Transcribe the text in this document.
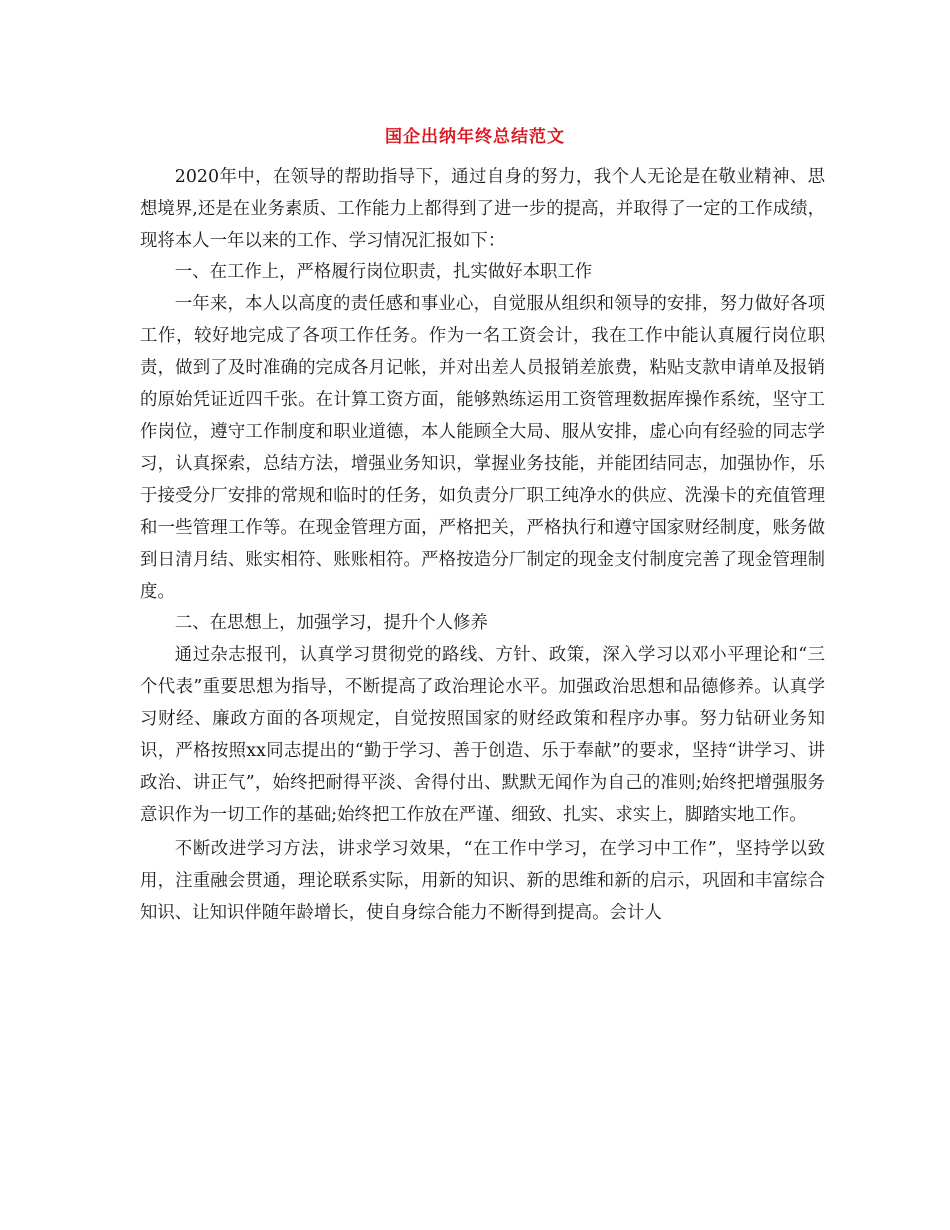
国企出纳年终总结范文

2020年中，在领导的帮助指导下，通过自身的努力，我个人无论是在敬业精神、思想境界,还是在业务素质、工作能力上都得到了进一步的提高，并取得了一定的工作成绩，现将本人一年以来的工作、学习情况汇报如下：

一、在工作上，严格履行岗位职责，扎实做好本职工作

一年来，本人以高度的责任感和事业心，自觉服从组织和领导的安排，努力做好各项工作，较好地完成了各项工作任务。作为一名工资会计，我在工作中能认真履行岗位职责，做到了及时准确的完成各月记帐，并对出差人员报销差旅费，粘贴支款申请单及报销的原始凭证近四千张。在计算工资方面，能够熟练运用工资管理数据库操作系统，坚守工作岗位，遵守工作制度和职业道德，本人能顾全大局、服从安排，虚心向有经验的同志学习，认真探索，总结方法，增强业务知识，掌握业务技能，并能团结同志，加强协作，乐于接受分厂安排的常规和临时的任务，如负责分厂职工纯净水的供应、洗澡卡的充值管理和一些管理工作等。在现金管理方面，严格把关，严格执行和遵守国家财经制度，账务做到日清月结、账实相符、账账相符。严格按造分厂制定的现金支付制度完善了现金管理制度。

二、在思想上，加强学习，提升个人修养

通过杂志报刊，认真学习贯彻党的路线、方针、政策，深入学习以邓小平理论和“三个代表”重要思想为指导，不断提高了政治理论水平。加强政治思想和品德修养。认真学习财经、廉政方面的各项规定，自觉按照国家的财经政策和程序办事。努力钻研业务知识，严格按照xx同志提出的“勤于学习、善于创造、乐于奉献”的要求，坚持“讲学习、讲政治、讲正气”，始终把耐得平淡、舍得付出、默默无闻作为自己的准则;始终把增强服务意识作为一切工作的基础;始终把工作放在严谨、细致、扎实、求实上，脚踏实地工作。

不断改进学习方法，讲求学习效果，“在工作中学习，在学习中工作”，坚持学以致用，注重融会贯通，理论联系实际，用新的知识、新的思维和新的启示，巩固和丰富综合知识、让知识伴随年龄增长，使自身综合能力不断得到提高。会计人
